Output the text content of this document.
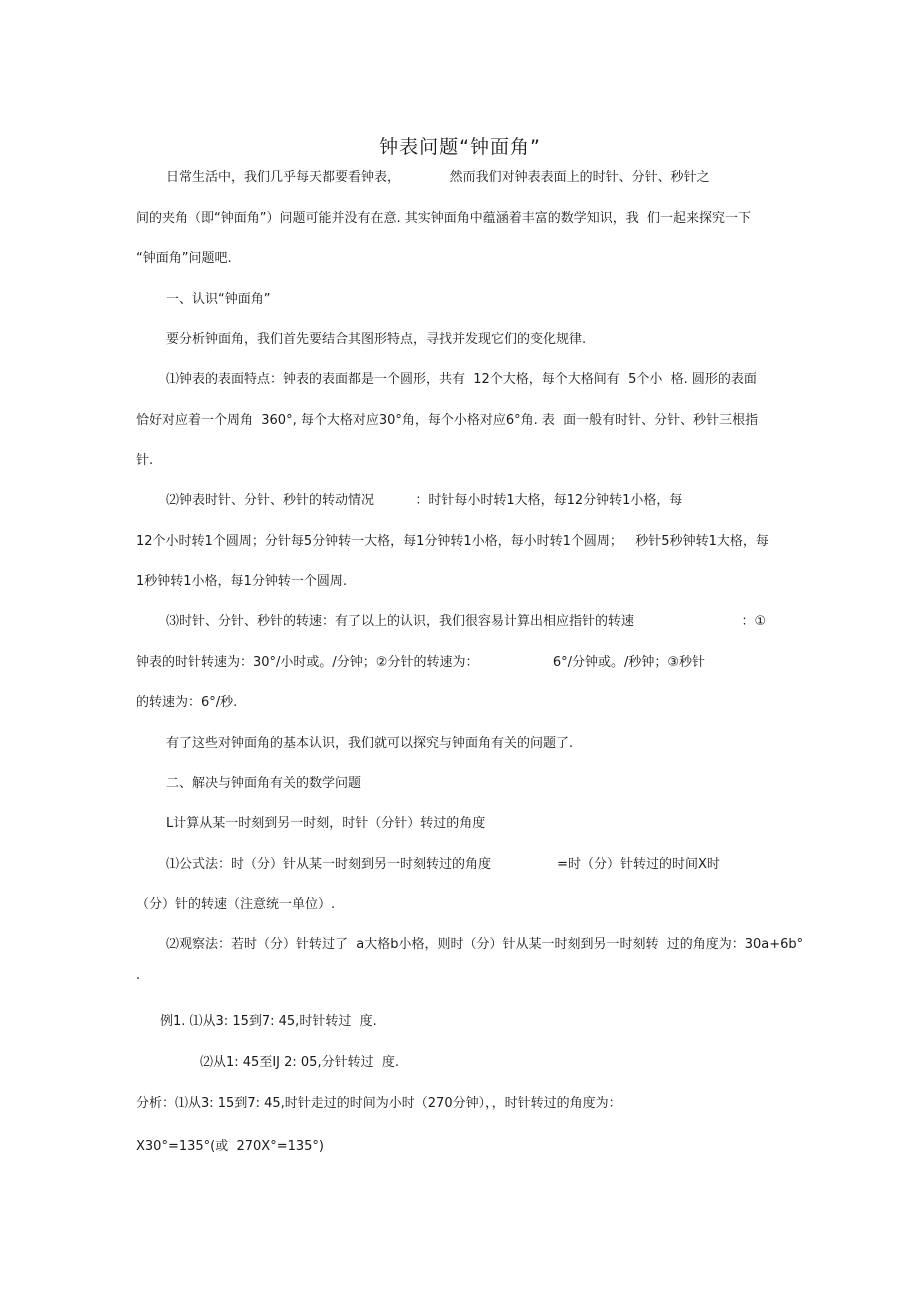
钟表问题“钟面角”
日常生活中，我们几乎每天都要看钟表，            然而我们对钟表表面上的时针、分针、秒针之
间的夹角（即“钟面角”）问题可能并没有在意. 其实钟面角中蕴涵着丰富的数学知识，我  们一起来探究一下
“钟面角”问题吧.
一、认识“钟面角”
要分析钟面角，我们首先要结合其图形特点，寻找并发现它们的变化规律.
⑴钟表的表面特点：钟表的表面都是一个圆形，共有  12个大格，每个大格间有  5个小  格. 圆形的表面
恰好对应着一个周角  360°, 每个大格对应30°角，每个小格对应6°角. 表  面一般有时针、分针、秒针三根指
针.
⑵钟表时针、分针、秒针的转动情况          ：时针每小时转1大格，每12分钟转1小格，每
12个小时转1个圆周；分针每5分钟转一大格，每1分钟转1小格，每小时转1个圆周；   秒针5秒钟转1大格，每
1秒钟转1小格，每1分钟转一个圆周.
⑶时针、分针、秒针的转速：有了以上的认识，我们很容易计算出相应指针的转速                          ：①
钟表的时针转速为：30°/小时或。/分钟；②分针的转速为：                  6°/分钟或。/秒钟；③秒针
的转速为：6°/秒.
有了这些对钟面角的基本认识，我们就可以探究与钟面角有关的问题了.
二、解决与钟面角有关的数学问题
L计算从某一时刻到另一时刻，时针（分针）转过的角度
⑴公式法：时（分）针从某一时刻到另一时刻转过的角度                =时（分）针转过的时间X时
（分）针的转速（注意统一单位）.
⑵观察法：若时（分）针转过了  a大格b小格，则时（分）针从某一时刻到另一时刻转  过的角度为：30a+6b°
.
例1. ⑴从3: 15到7: 45,时针转过  度.
⑵从1: 45至IJ 2: 05,分针转过  度.
分析：⑴从3: 15到7: 45,时针走过的时间为小时（270分钟），，时针转过的角度为：
X30°=135°(或  270X°=135°)
